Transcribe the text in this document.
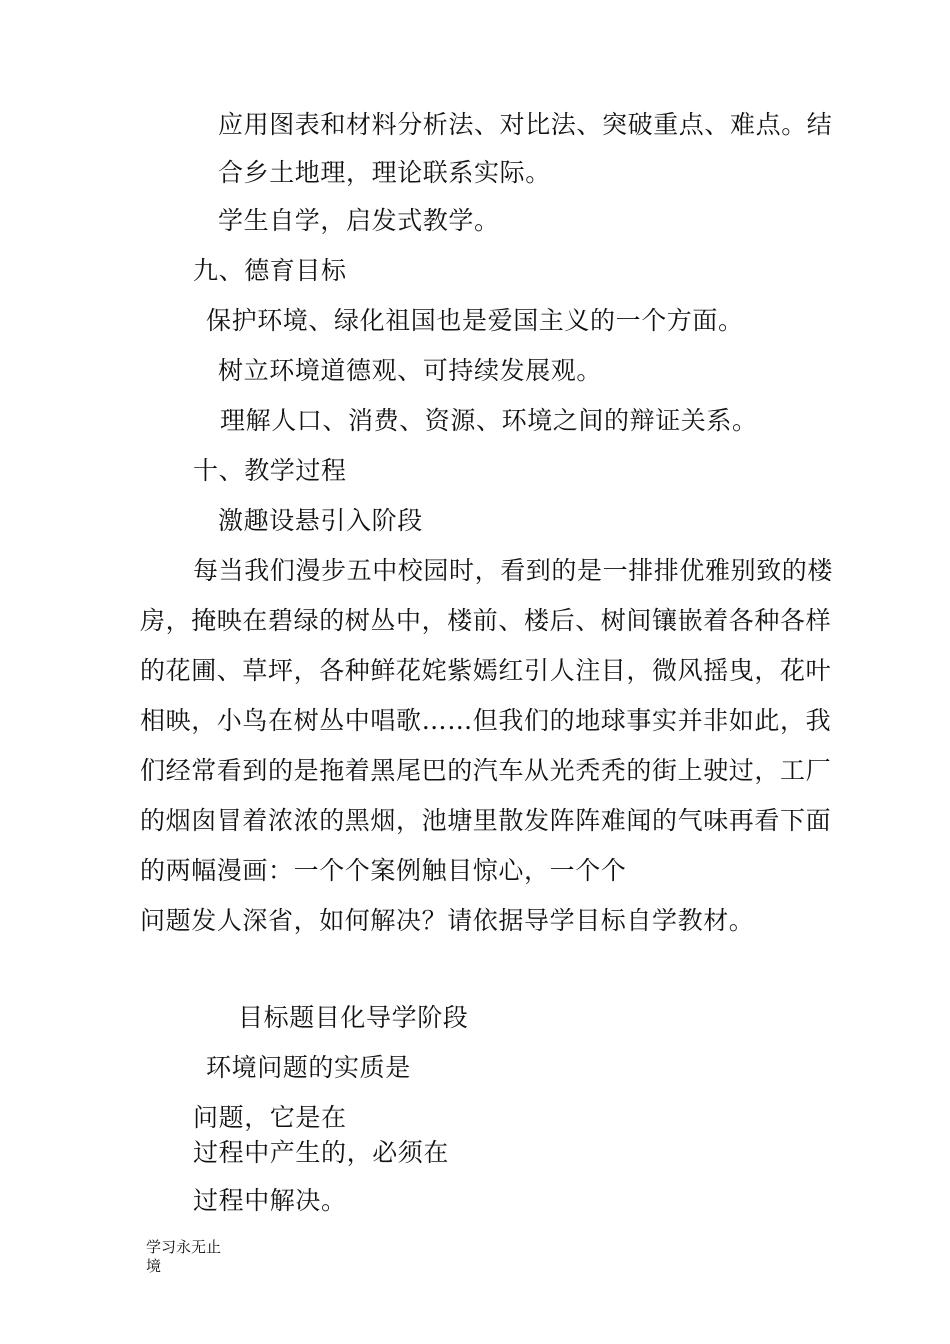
应用图表和材料分析法、对比法、突破重点、难点。结
合乡土地理，理论联系实际。
学生自学，启发式教学。
九、德育目标
保护环境、绿化祖国也是爱国主义的一个方面。
树立环境道德观、可持续发展观。
理解人口、消费、资源、环境之间的辩证关系。
十、教学过程
激趣设悬引入阶段
每当我们漫步五中校园时，看到的是一排排优雅别致的楼
房，掩映在碧绿的树丛中，楼前、楼后、树间镶嵌着各种各样
的花圃、草坪，各种鲜花姹紫嫣红引人注目，微风摇曳，花叶
相映，小鸟在树丛中唱歌……但我们的地球事实并非如此，我
们经常看到的是拖着黑尾巴的汽车从光秃秃的街上驶过，工厂
的烟囱冒着浓浓的黑烟，池塘里散发阵阵难闻的气味再看下面
的两幅漫画：一个个案例触目惊心，一个个
问题发人深省，如何解决？请依据导学目标自学教材。
目标题目化导学阶段
环境问题的实质是
问题，它是在
过程中产生的，必须在
过程中解决。
学习永无止
境
